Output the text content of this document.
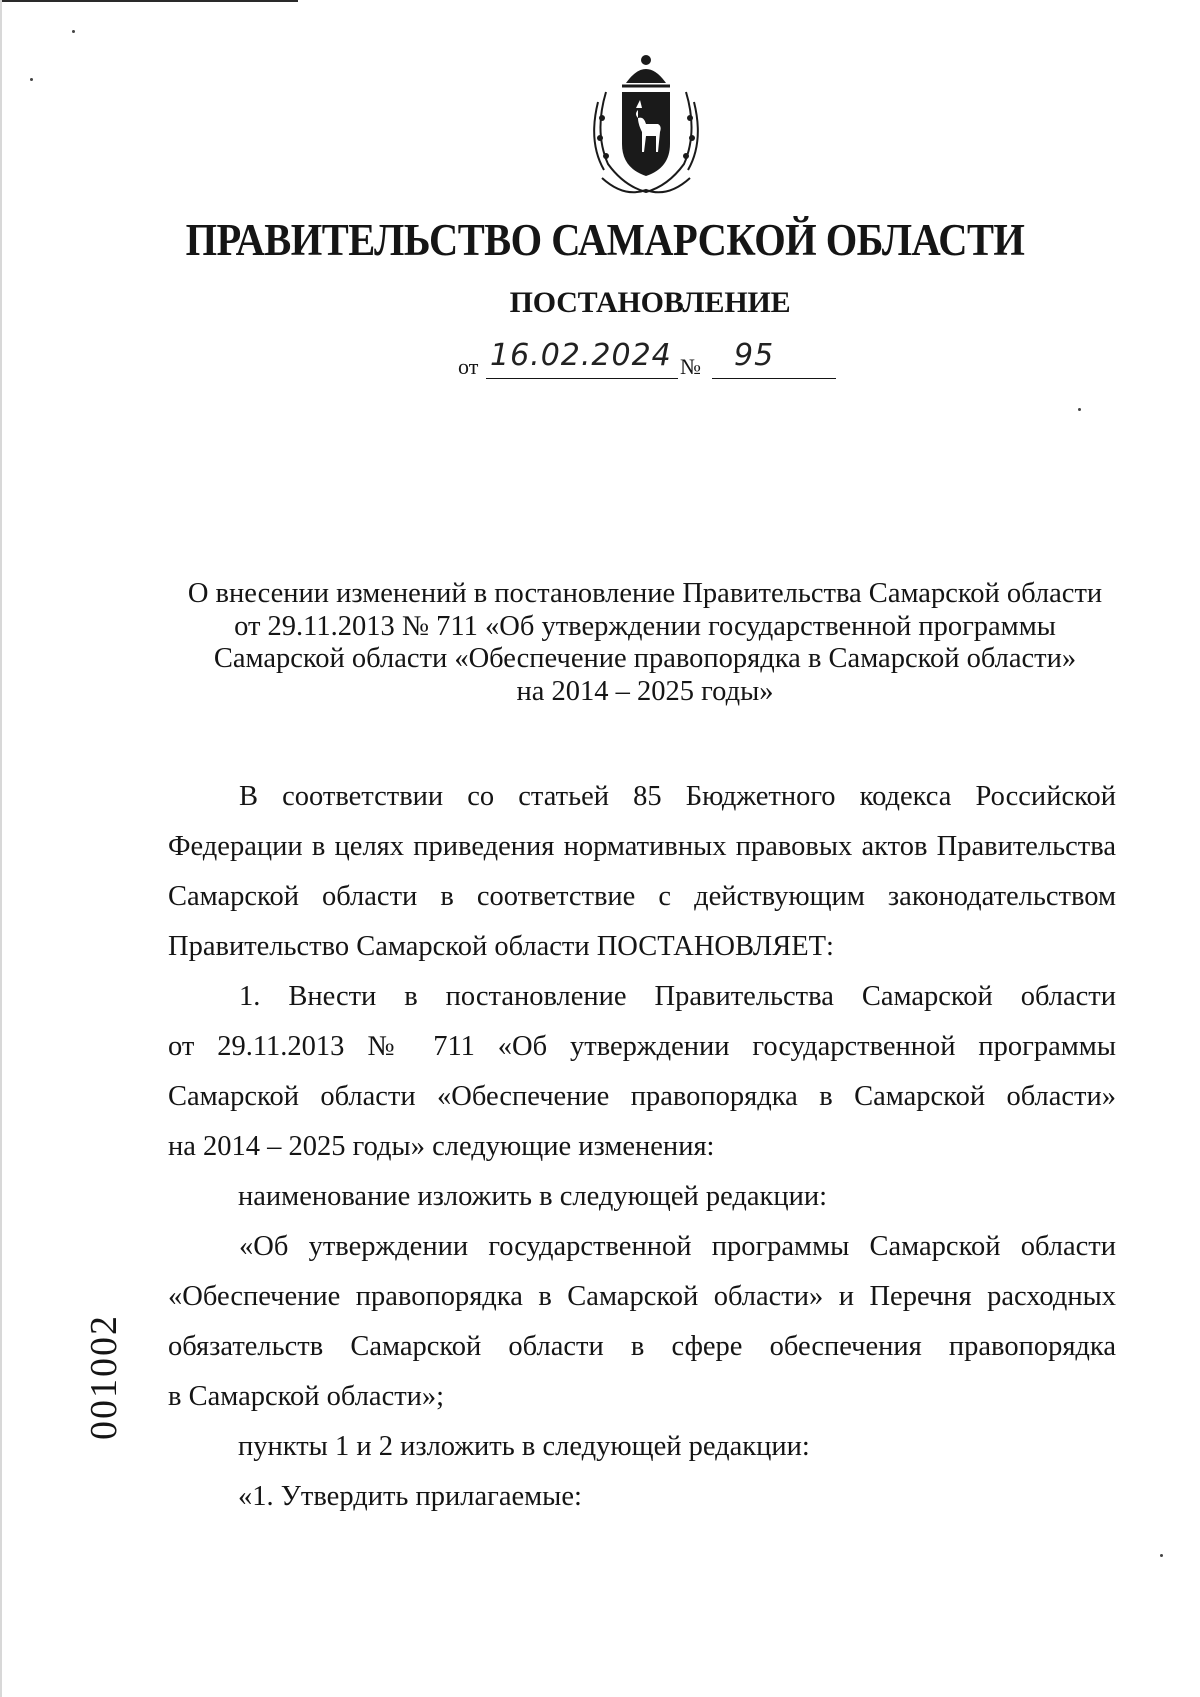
ПРАВИТЕЛЬСТВО САМАРСКОЙ ОБЛАСТИ
ПОСТАНОВЛЕНИЕ
от 16.02.2024 № 95
О внесении изменений в постановление Правительства Самарской области
от 29.11.2013 № 711 «Об утверждении государственной программы
Самарской области «Обеспечение правопорядка в Самарской области»
на 2014 – 2025 годы»

В соответствии со статьей 85 Бюджетного кодекса Российской

Федерации в целях приведения нормативных правовых актов Правительства

Самарской области в соответствие с действующим законодательством

Правительство Самарской области ПОСТАНОВЛЯЕТ:

1. Внести в постановление Правительства Самарской области

от 29.11.2013 № 711 «Об утверждении государственной программы

Самарской области «Обеспечение правопорядка в Самарской области»

на 2014 – 2025 годы» следующие изменения:

наименование изложить в следующей редакции:

«Об утверждении государственной программы Самарской области

«Обеспечение правопорядка в Самарской области» и Перечня расходных

обязательств Самарской области в сфере обеспечения правопорядка

в Самарской области»;

пункты 1 и 2 изложить в следующей редакции:

«1. Утвердить прилагаемые:

001002
